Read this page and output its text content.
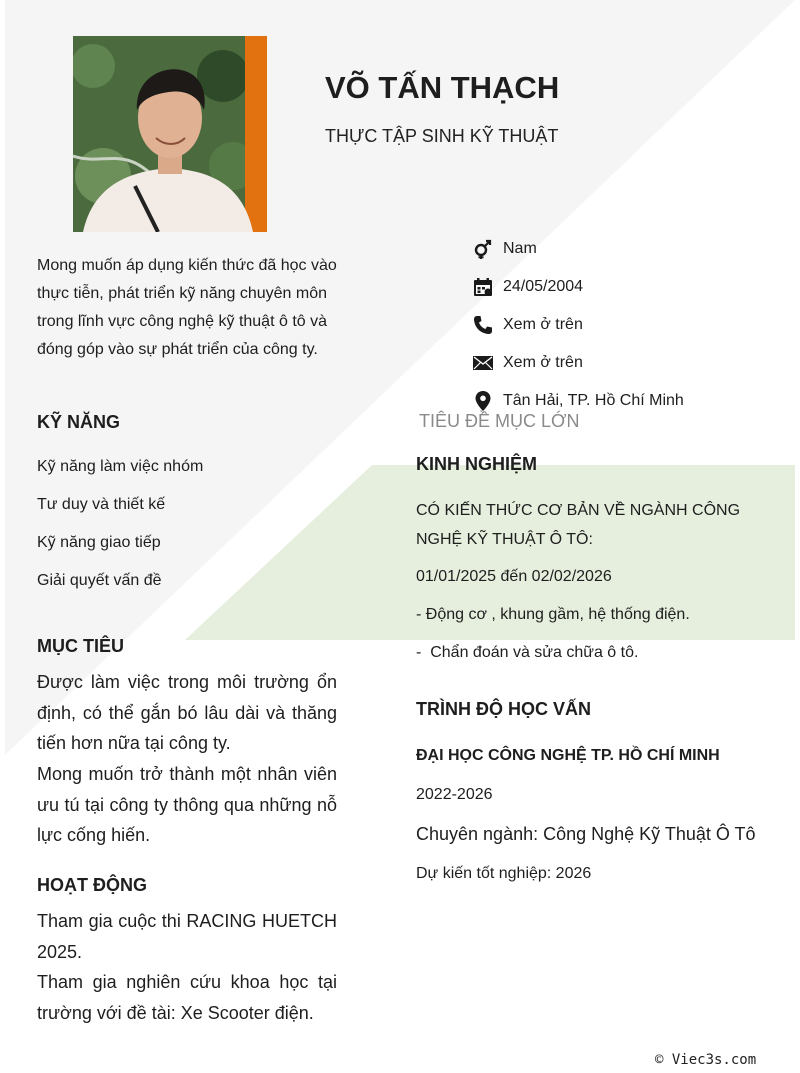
VÕ TẤN THẠCH
THỰC TẬP SINH KỸ THUẬT
Mong muốn áp dụng kiến thức đã học vào thực tiễn, phát triển kỹ năng chuyên môn trong lĩnh vực công nghệ kỹ thuật ô tô và đóng góp vào sự phát triển của công ty.
Nam
24/05/2004
Xem ở trên
Xem ở trên
Tân Hải, TP. Hồ Chí Minh
KỸ NĂNG
Kỹ năng làm việc nhóm
Tư duy và thiết kế
Kỹ năng giao tiếp
Giải quyết vấn đề
MỤC TIÊU
Được làm việc trong môi trường ổn định, có thể gắn bó lâu dài và thăng tiến hơn nữa tại công ty.
Mong muốn trở thành một nhân viên ưu tú tại công ty thông qua những nỗ lực cống hiến.
HOẠT ĐỘNG
Tham gia cuộc thi RACING HUETCH 2025.
Tham gia nghiên cứu khoa học tại trường với đề tài: Xe Scooter điện.
TIÊU ĐỀ MỤC LỚN
KINH NGHIỆM
CÓ KIẾN THỨC CƠ BẢN VỀ NGÀNH CÔNG NGHỆ KỸ THUẬT Ô TÔ:
01/01/2025 đến 02/02/2026
- Động cơ , khung gầm, hệ thống điện.
-  Chẩn đoán và sửa chữa ô tô.
TRÌNH ĐỘ HỌC VẤN
ĐẠI HỌC CÔNG NGHỆ TP. HỒ CHÍ MINH
2022-2026
Chuyên ngành: Công Nghệ Kỹ Thuật Ô Tô
Dự kiến tốt nghiệp: 2026
© Viec3s.com
